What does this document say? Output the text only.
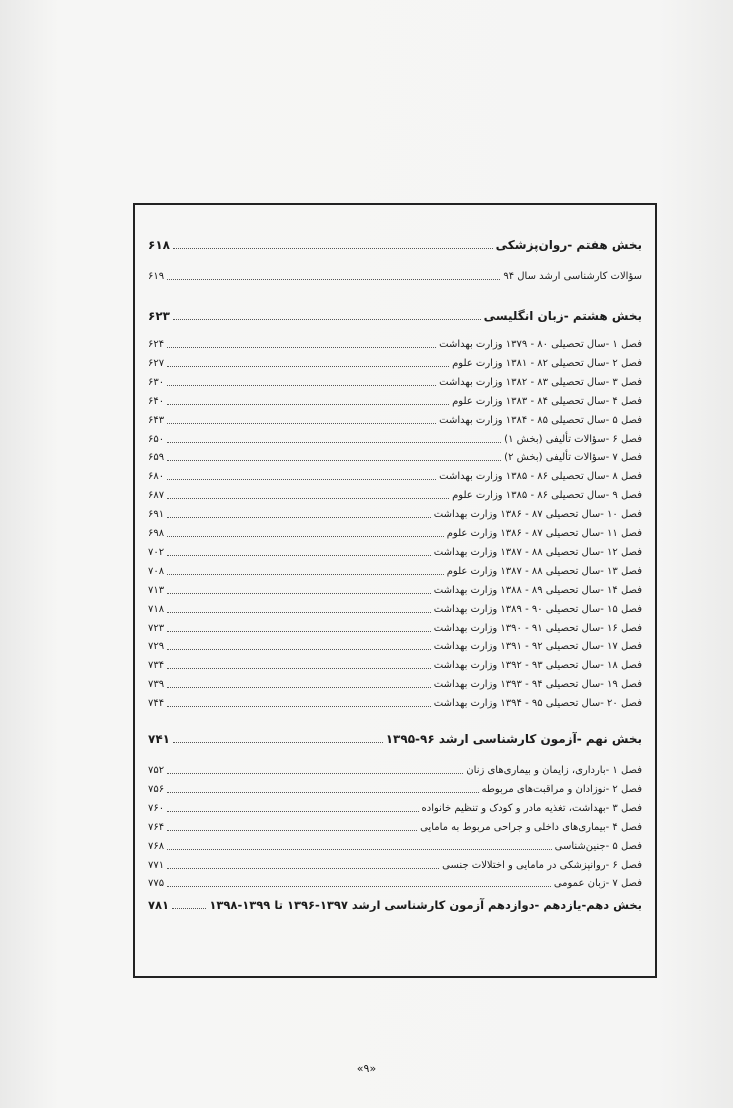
بخش هفتم -روان‌پزشکی
۶۱۸
سؤالات کارشناسی ارشد سال ۹۴
۶۱۹
بخش هشتم -زبان انگلیسی
۶۲۳
فصل ۱ -سال تحصیلی ۸۰ - ۱۳۷۹ وزارت بهداشت
۶۲۴
فصل ۲ -سال تحصیلی ۸۲ - ۱۳۸۱ وزارت علوم
۶۲۷
فصل ۳ -سال تحصیلی ۸۳ - ۱۳۸۲ وزارت بهداشت
۶۳۰
فصل ۴ -سال تحصیلی ۸۴ - ۱۳۸۳ وزارت علوم
۶۴۰
فصل ۵ -سال تحصیلی ۸۵ - ۱۳۸۴ وزارت بهداشت
۶۴۳
فصل ۶ -سؤالات تألیفی (بخش ۱)
۶۵۰
فصل ۷ -سؤالات تألیفی (بخش ۲)
۶۵۹
فصل ۸ -سال تحصیلی ۸۶ - ۱۳۸۵ وزارت بهداشت
۶۸۰
فصل ۹ -سال تحصیلی ۸۶ - ۱۳۸۵ وزارت علوم
۶۸۷
فصل ۱۰ -سال تحصیلی ۸۷ - ۱۳۸۶ وزارت بهداشت
۶۹۱
فصل ۱۱ -سال تحصیلی ۸۷ - ۱۳۸۶ وزارت علوم
۶۹۸
فصل ۱۲ -سال تحصیلی ۸۸ - ۱۳۸۷ وزارت بهداشت
۷۰۲
فصل ۱۳ -سال تحصیلی ۸۸ - ۱۳۸۷ وزارت علوم
۷۰۸
فصل ۱۴ -سال تحصیلی ۸۹ - ۱۳۸۸ وزارت بهداشت
۷۱۳
فصل ۱۵ -سال تحصیلی ۹۰ - ۱۳۸۹ وزارت بهداشت
۷۱۸
فصل ۱۶ -سال تحصیلی ۹۱ - ۱۳۹۰ وزارت بهداشت
۷۲۳
فصل ۱۷ -سال تحصیلی ۹۲ - ۱۳۹۱ وزارت بهداشت
۷۲۹
فصل ۱۸ -سال تحصیلی ۹۳ - ۱۳۹۲ وزارت بهداشت
۷۳۴
فصل ۱۹ -سال تحصیلی ۹۴ - ۱۳۹۳ وزارت بهداشت
۷۳۹
فصل ۲۰ -سال تحصیلی ۹۵ - ۱۳۹۴ وزارت بهداشت
۷۴۴
بخش نهم -آزمون کارشناسی ارشد ۹۶-۱۳۹۵
۷۴۱
فصل ۱ -بارداری، زایمان و بیماری‌های زنان
۷۵۲
فصل ۲ -نوزادان و مراقبت‌های مربوطه
۷۵۶
فصل ۳ -بهداشت، تغذیه مادر و کودک و تنظیم خانواده
۷۶۰
فصل ۴ -بیماری‌های داخلی و جراحی مربوط به مامایی
۷۶۴
فصل ۵ -جنین‌شناسی
۷۶۸
فصل ۶ -روانپزشکی در مامایی و اختلالات جنسی
۷۷۱
فصل ۷ -زبان عمومی
۷۷۵
بخش دهم-یازدهم -دوازدهم آزمون کارشناسی ارشد ۱۳۹۷-۱۳۹۶ تا ۱۳۹۹-۱۳۹۸
۷۸۱
«۹»
